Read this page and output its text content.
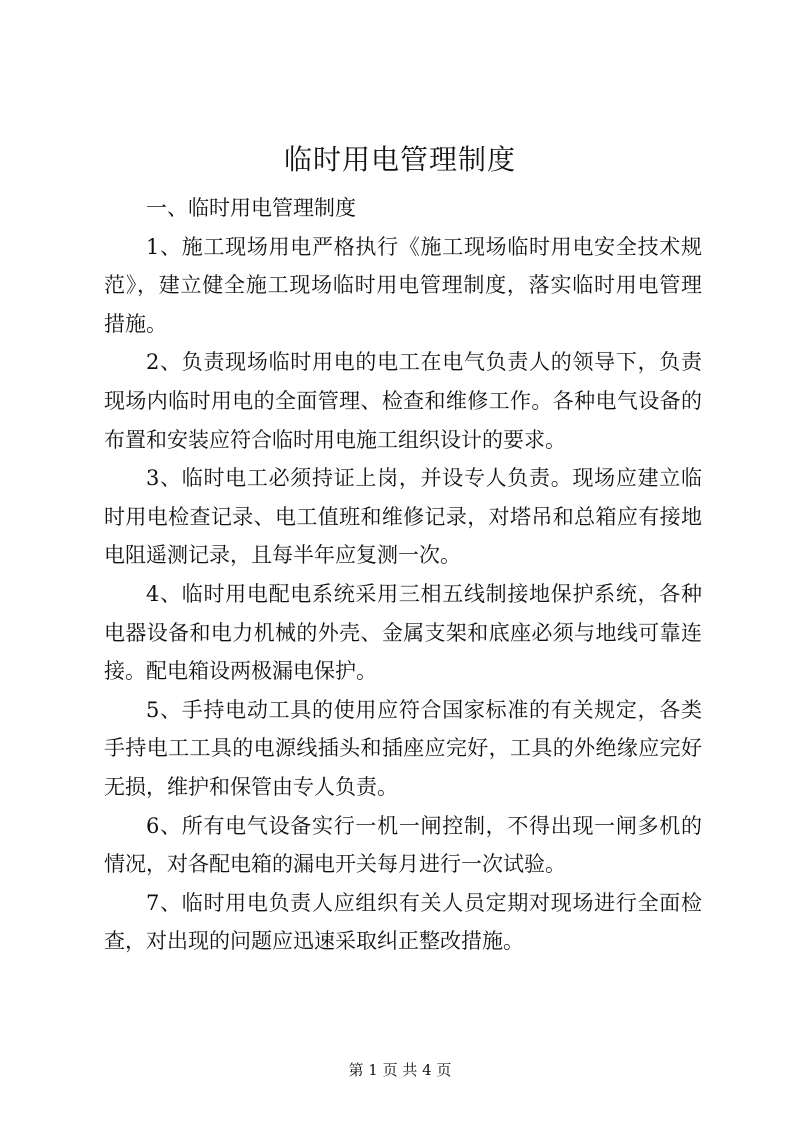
临时用电管理制度

一、临时用电管理制度

1、施工现场用电严格执行《施工现场临时用电安全技术规范》，建立健全施工现场临时用电管理制度，落实临时用电管理措施。

2、负责现场临时用电的电工在电气负责人的领导下，负责现场内临时用电的全面管理、检查和维修工作。各种电气设备的布置和安装应符合临时用电施工组织设计的要求。

3、临时电工必须持证上岗，并设专人负责。现场应建立临时用电检查记录、电工值班和维修记录，对塔吊和总箱应有接地电阻遥测记录，且每半年应复测一次。

4、临时用电配电系统采用三相五线制接地保护系统，各种电器设备和电力机械的外壳、金属支架和底座必须与地线可靠连接。配电箱设两极漏电保护。

5、手持电动工具的使用应符合国家标准的有关规定，各类手持电工工具的电源线插头和插座应完好，工具的外绝缘应完好无损，维护和保管由专人负责。

6、所有电气设备实行一机一闸控制，不得出现一闸多机的情况，对各配电箱的漏电开关每月进行一次试验。

7、临时用电负责人应组织有关人员定期对现场进行全面检查，对出现的问题应迅速采取纠正整改措施。

第 1 页 共 4 页
